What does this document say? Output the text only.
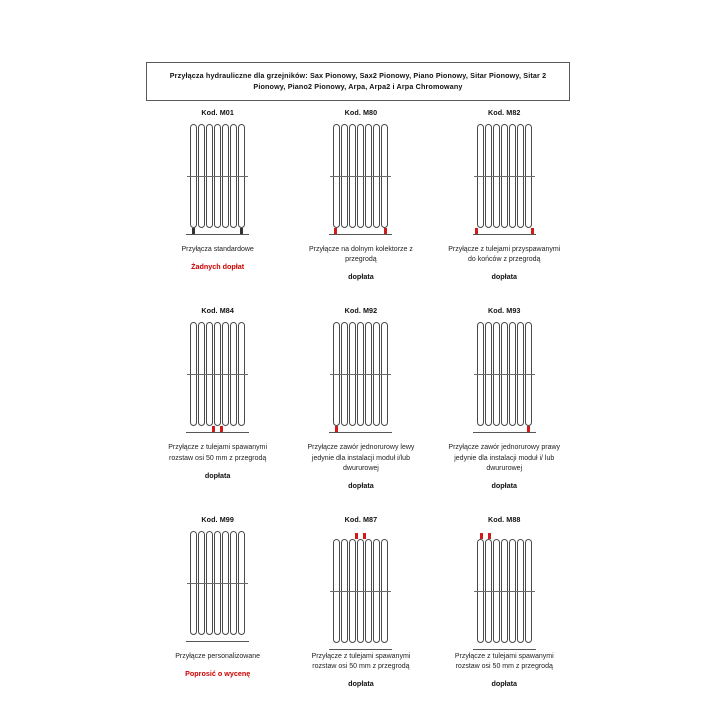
Przyłącza hydrauliczne dla grzejników: Sax Pionowy, Sax2 Pionowy, Piano Pionowy, Sitar Pionowy, Sitar 2 Pionowy, Piano2 Pionowy, Arpa, Arpa2 i Arpa Chromowany
Kod. M01
Przyłącza standardowe
Żadnych dopłat
Kod. M80
Przyłącze na dolnym kolektorze z przegrodą
dopłata
Kod. M82
Przyłącze z tulejami przyspawanymi do końców z przegrodą
dopłata
Kod. M84
Przyłącze z tulejami spawanymi rozstaw osi 50 mm z przegrodą
dopłata
Kod. M92
Przyłącze zawór jednorurowy lewy jedynie dla instalacji moduł i/lub dwururowej
dopłata
Kod. M93
Przyłącze zawór jednorurowy prawy jedynie dla instalacji moduł i/ lub dwururowej
dopłata
Kod. M99
Przyłącze personalizowane
Poprosić o wycenę
Kod. M87
Przyłącze z tulejami spawanymi rozstaw osi 50 mm z przegrodą
dopłata
Kod. M88
Przyłącze z tulejami spawanymi rozstaw osi 50 mm z przegrodą
dopłata
